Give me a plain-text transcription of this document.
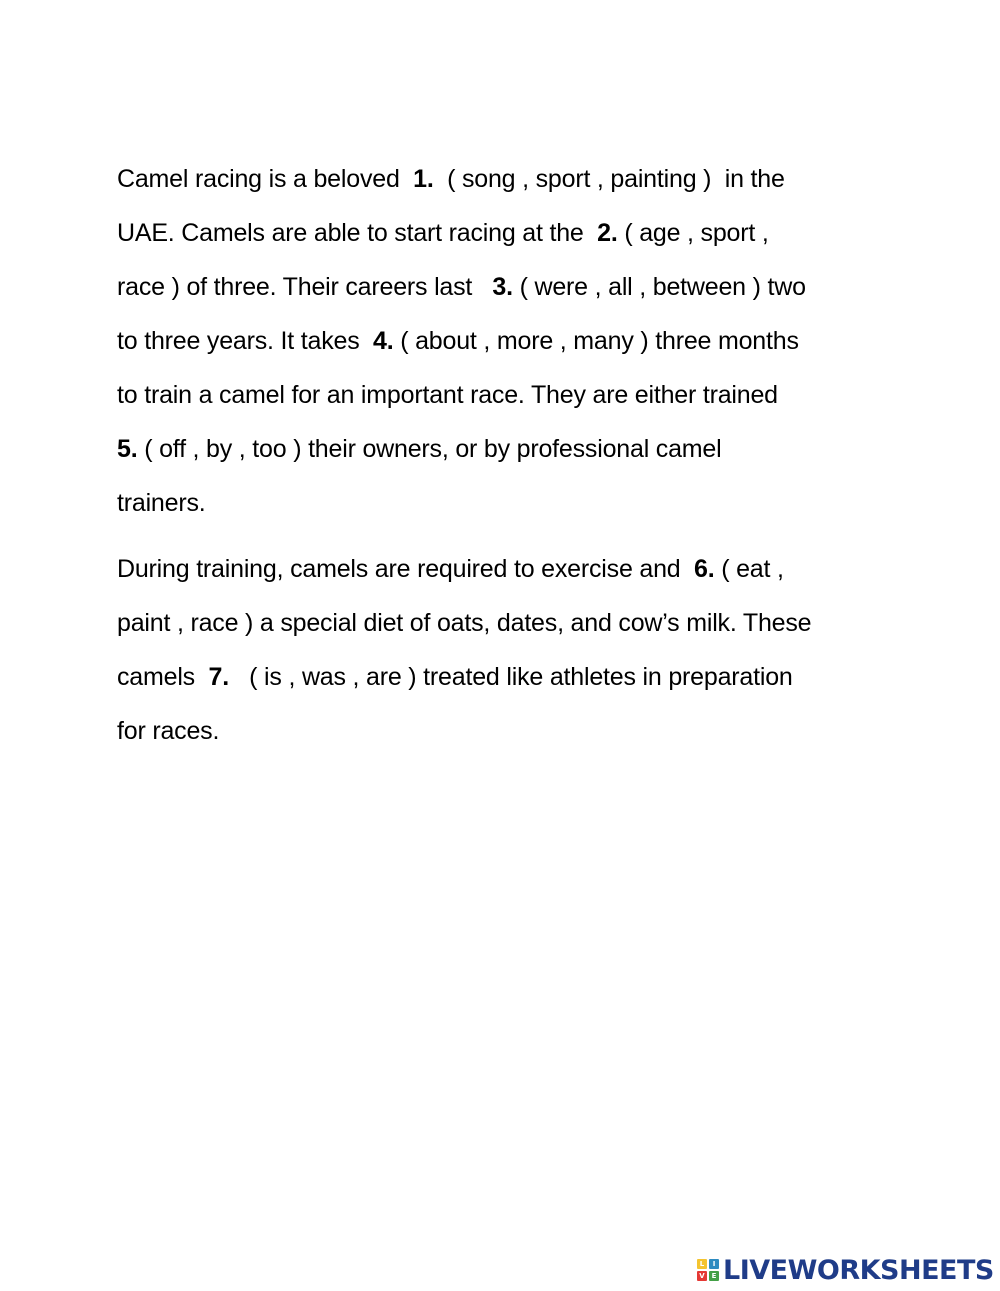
Camel racing is a beloved  1.  ( song , sport , painting )  in the
UAE. Camels are able to start racing at the  2. ( age , sport ,
race ) of three. Their careers last   3. ( were , all , between ) two
to three years. It takes  4. ( about , more , many ) three months
to train a camel for an important race. They are either trained
5. ( off , by , too ) their owners, or by professional camel
trainers.
During training, camels are required to exercise and  6. ( eat ,
paint , race ) a special diet of oats, dates, and cow’s milk. These
camels  7.   ( is , was , are ) treated like athletes in preparation
for races.
L	I
V E LIVEWORKSHEETS
